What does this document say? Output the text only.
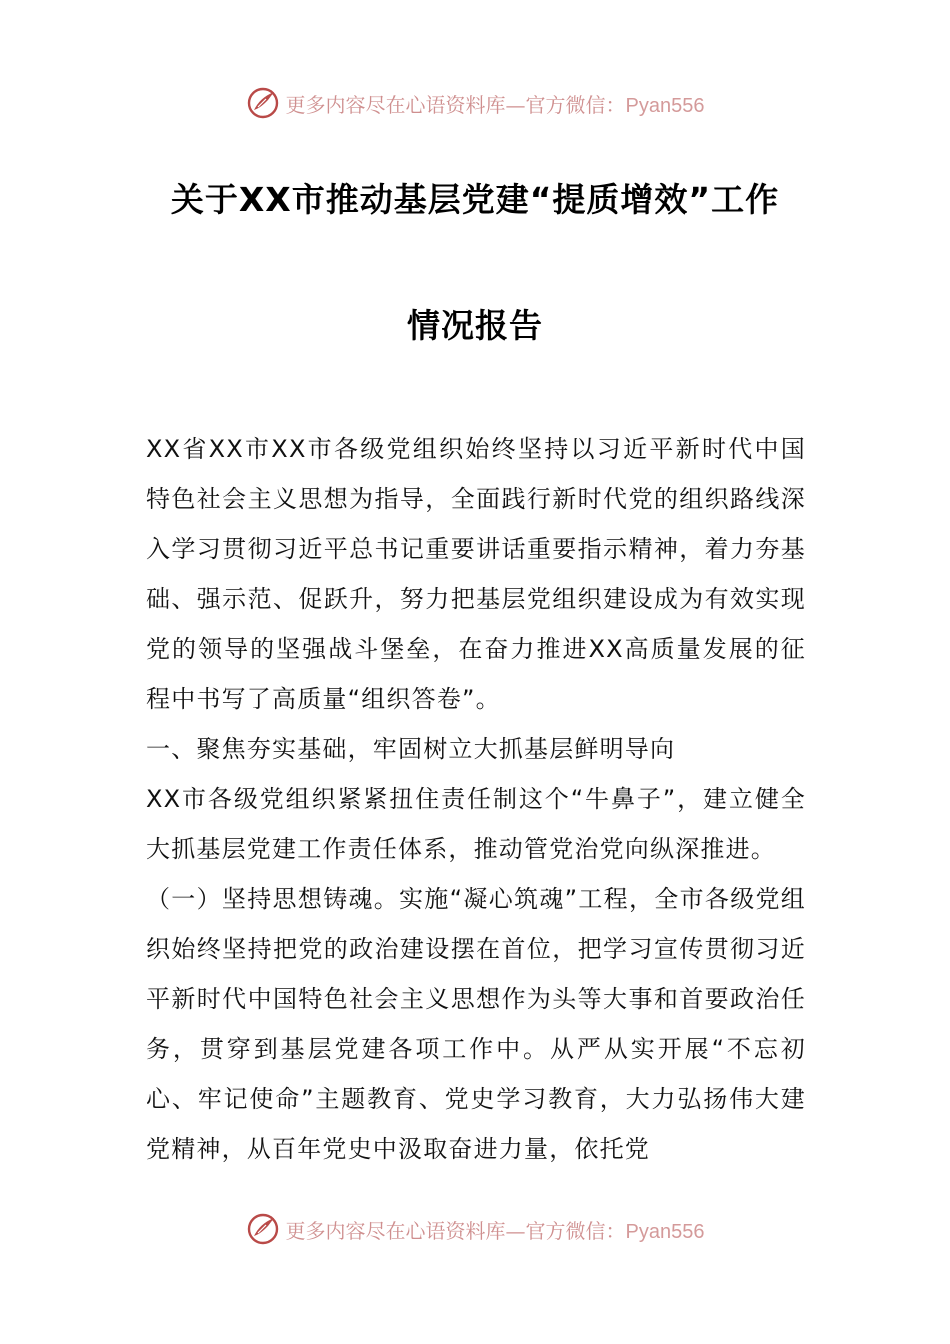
更多内容尽在心语资料库—官方微信：Pyan556
关于XX市推动基层党建“提质增效”工作
情况报告

XX省XX市XX市各级党组织始终坚持以习近平新时代中国特色社会主义思想为指导，全面践行新时代党的组织路线深入学习贯彻习近平总书记重要讲话重要指示精神，着力夯基础、强示范、促跃升，努力把基层党组织建设成为有效实现党的领导的坚强战斗堡垒，在奋力推进XX高质量发展的征程中书写了高质量“组织答卷”。

一、聚焦夯实基础，牢固树立大抓基层鲜明导向

XX市各级党组织紧紧扭住责任制这个“牛鼻子”，建立健全大抓基层党建工作责任体系，推动管党治党向纵深推进。

（一）坚持思想铸魂。实施“凝心筑魂”工程，全市各级党组织始终坚持把党的政治建设摆在首位，把学习宣传贯彻习近平新时代中国特色社会主义思想作为头等大事和首要政治任务，贯穿到基层党建各项工作中。从严从实开展“不忘初心、牢记使命”主题教育、党史学习教育，大力弘扬伟大建党精神，从百年党史中汲取奋进力量，依托党

更多内容尽在心语资料库—官方微信：Pyan556
